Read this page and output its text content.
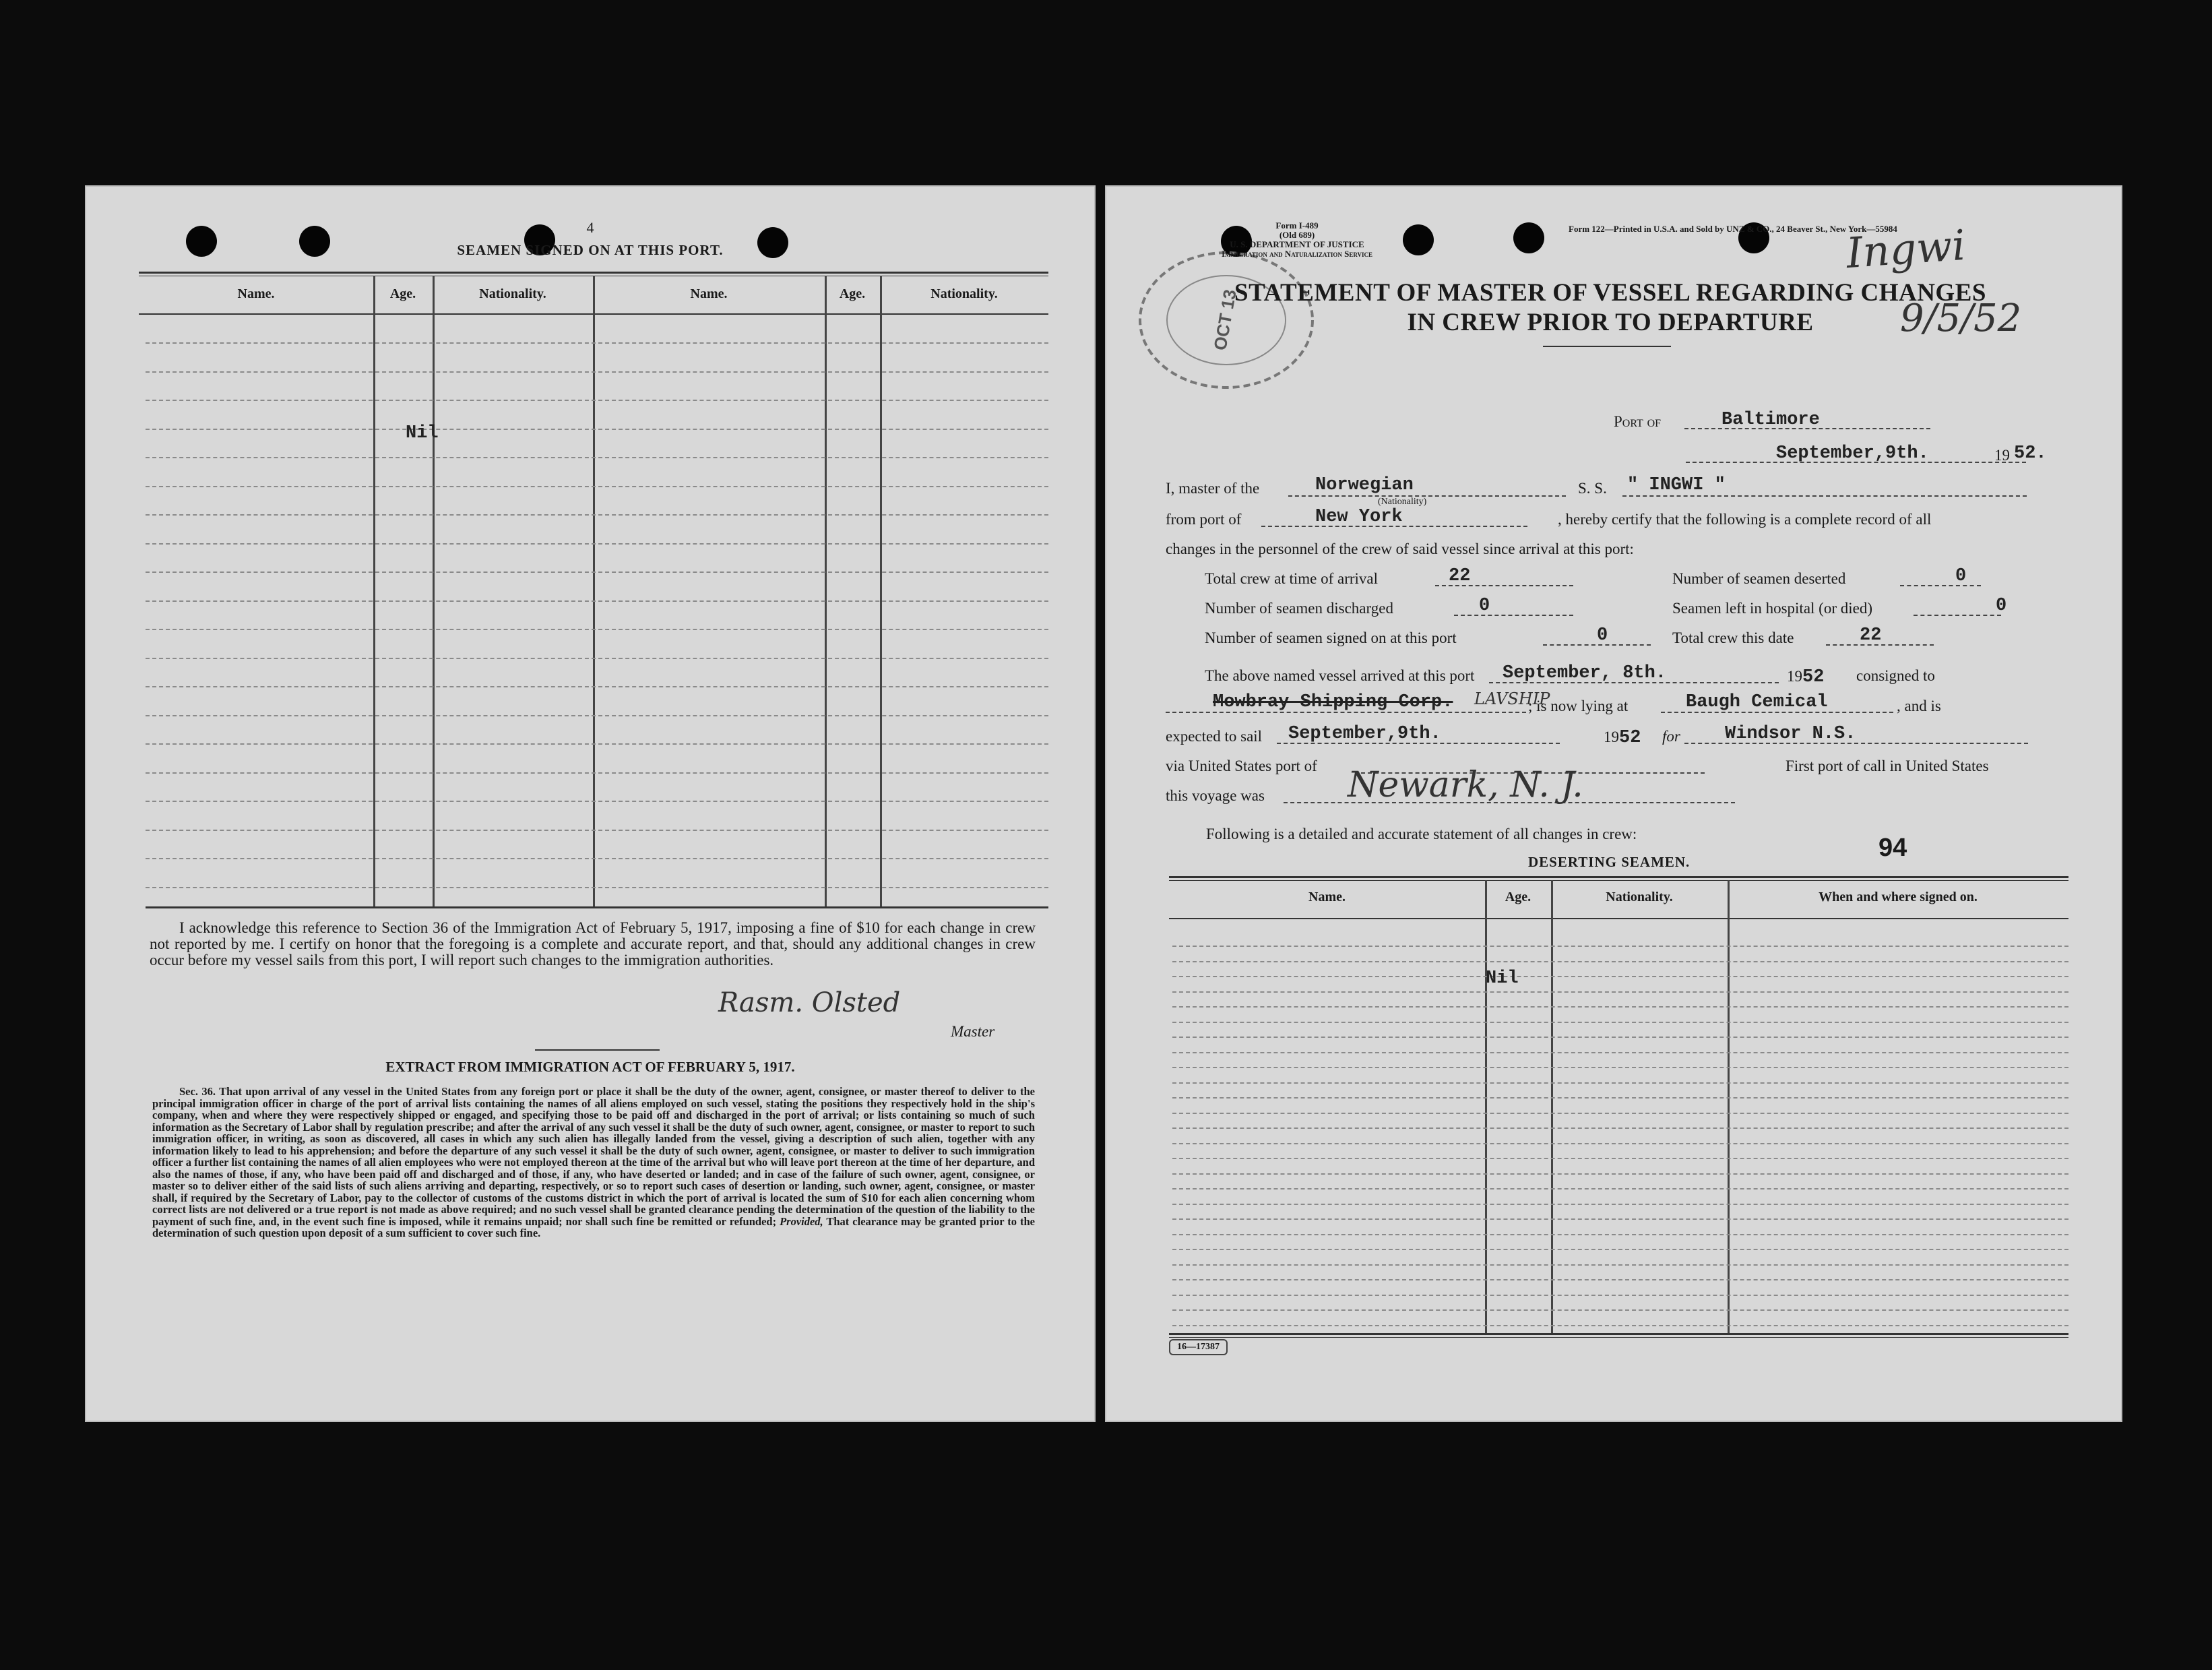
4
SEAMEN SIGNED ON AT THIS PORT.
Name.	Age.	Nationality.	Name.	Age.	Nationality.
Nil
I acknowledge this reference to Section 36 of the Immigration Act of February 5, 1917, imposing a fine of $10 for each change in crew not reported by me. I certify on honor that the foregoing is a complete and accurate report, and that, should any additional changes in crew occur before my vessel sails from this port, I will report such changes to the immigration authorities.
Rasm. Olsted
Master
EXTRACT FROM IMMIGRATION ACT OF FEBRUARY 5, 1917.
Sec. 36. That upon arrival of any vessel in the United States from any foreign port or place it shall be the duty of the owner, agent, consignee, or master thereof to deliver to the principal immigration officer in charge of the port of arrival lists containing the names of all aliens employed on such vessel, stating the positions they respectively hold in the ship's company, when and where they were respectively shipped or engaged, and specifying those to be paid off and discharged in the port of arrival; or lists containing so much of such information as the Secretary of Labor shall by regulation prescribe; and after the arrival of any such vessel it shall be the duty of such owner, agent, consignee, or master to report to such immigration officer, in writing, as soon as discovered, all cases in which any such alien has illegally landed from the vessel, giving a description of such alien, together with any information likely to lead to his apprehension; and before the departure of any such vessel it shall be the duty of such owner, agent, consignee, or master to deliver to such immigration officer a further list containing the names of all alien employees who were not employed thereon at the time of the arrival but who will leave port thereon at the time of her departure, and also the names of those, if any, who have been paid off and discharged and of those, if any, who have deserted or landed; and in case of the failure of such owner, agent, consignee, or master so to deliver either of the said lists of such aliens arriving and departing, respectively, or so to report such cases of desertion or landing, such owner, agent, consignee, or master shall, if required by the Secretary of Labor, pay to the collector of customs of the customs district in which the port of arrival is located the sum of $10 for each alien concerning whom correct lists are not delivered or a true report is not made as above required; and no such vessel shall be granted clearance pending the determination of the question of the liability to the payment of such fine, and, in the event such fine is imposed, while it remains unpaid; nor shall such fine be remitted or refunded; Provided, That clearance may be granted prior to the determination of such question upon deposit of a sum sufficient to cover such fine.
OCT 13
Form I-489
(Old 689)
U. S. DEPARTMENT OF JUSTICE
Immigration and Naturalization Service
Form 122—Printed in U.S.A. and Sold by UNZ & CO., 24 Beaver St., New York—55984
Ingwi
9/5/52
STATEMENT OF MASTER OF VESSEL REGARDING CHANGES
IN CREW PRIOR TO DEPARTURE
Port of	Baltimore
September,9th.	19 52.
I, master of the	Norwegian
(Nationality)
S. S. " INGWI "
from port of	New York	, hereby certify that the following is a complete record of all
changes in the personnel of the crew of said vessel since arrival at this port:
Total crew at time of arrival	22	Number of seamen deserted	0
Number of seamen discharged	0	Seamen left in hospital (or died)	0
Number of seamen signed on at this port	0	Total crew this date	22
The above named vessel arrived at this port September, 8th.	1952 consigned to
Mowbray Shipping Corp. LAVSHIP
; is now lying at	Baugh Cemical	, and is
expected to sail September,9th.	1952 for Windsor N.S.
via United States port of	First port of call in United States
this voyage was Newark, N. J.
Following is a detailed and accurate statement of all changes in crew:	94
DESERTING SEAMEN.
Name.	Age.	Nationality.	When and where signed on.
Nil
16—17387
